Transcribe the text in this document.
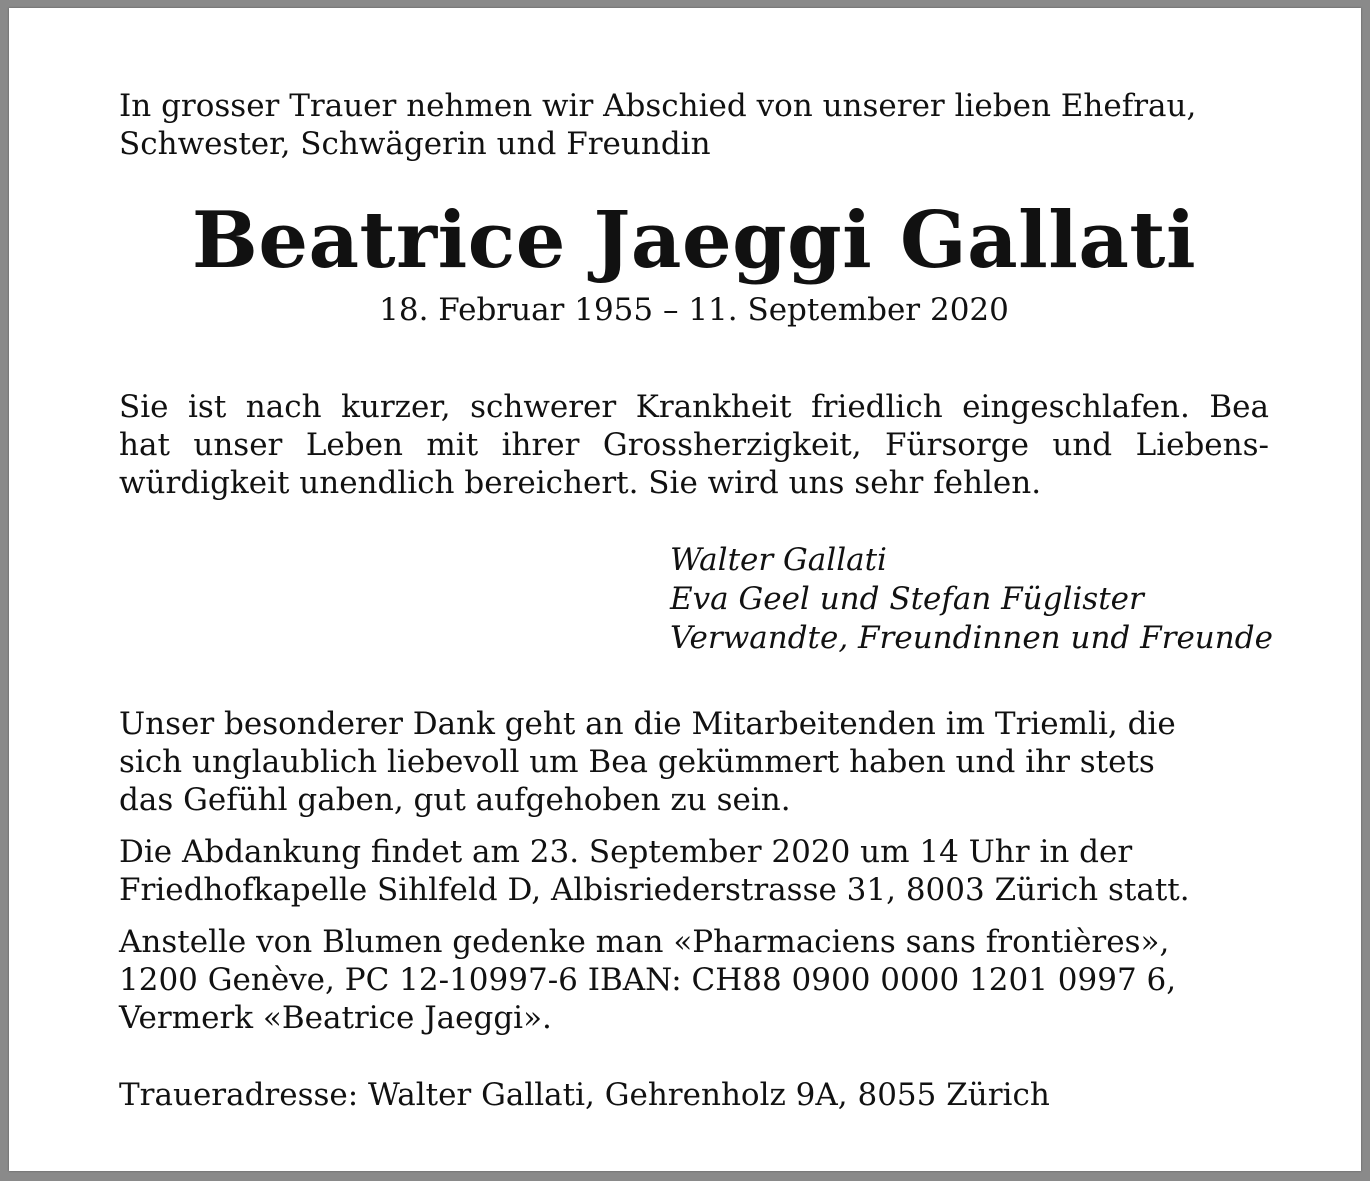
In grosser Trauer nehmen wir Abschied von unserer lieben Ehefrau,
Schwester, Schwägerin und Freundin
Beatrice Jaeggi Gallati
18. Februar 1955 – 11. September 2020
Sie ist nach kurzer, schwerer Krankheit friedlich eingeschlafen. Bea
hat unser Leben mit ihrer Grossherzigkeit, Fürsorge und Liebens-
würdigkeit unendlich bereichert. Sie wird uns sehr fehlen.
Walter Gallati
Eva Geel und Stefan Füglister
Verwandte, Freundinnen und Freunde
Unser besonderer Dank geht an die Mitarbeitenden im Triemli, die
sich unglaublich liebevoll um Bea gekümmert haben und ihr stets
das Gefühl gaben, gut aufgehoben zu sein.
Die Abdankung findet am 23. September 2020 um 14 Uhr in der
Friedhofkapelle Sihlfeld D, Albisriederstrasse 31, 8003 Zürich statt.
Anstelle von Blumen gedenke man «Pharmaciens sans frontières»,
1200 Genève, PC 12-10997-6 IBAN: CH88 0900 0000 1201 0997 6,
Vermerk «Beatrice Jaeggi».
Traueradresse: Walter Gallati, Gehrenholz 9A, 8055 Zürich
